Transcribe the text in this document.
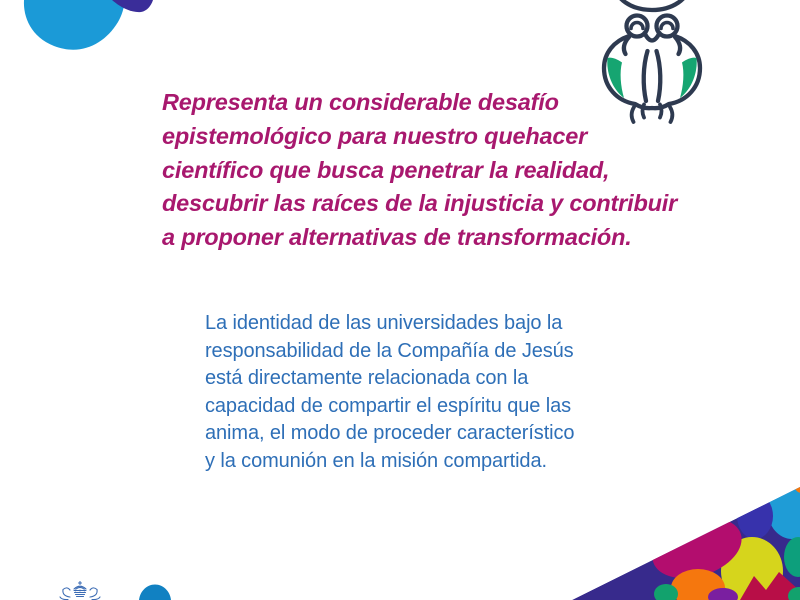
Representa un considerable desafío
epistemológico para nuestro quehacer
científico que busca penetrar la realidad,
descubrir las raíces de la injusticia y contribuir
a proponer alternativas de transformación.
La identidad de las universidades bajo la
responsabilidad de la Compañía de Jesús
está directamente relacionada con la
capacidad de compartir el espíritu que las
anima, el modo de proceder característico
y la comunión en la misión compartida.
